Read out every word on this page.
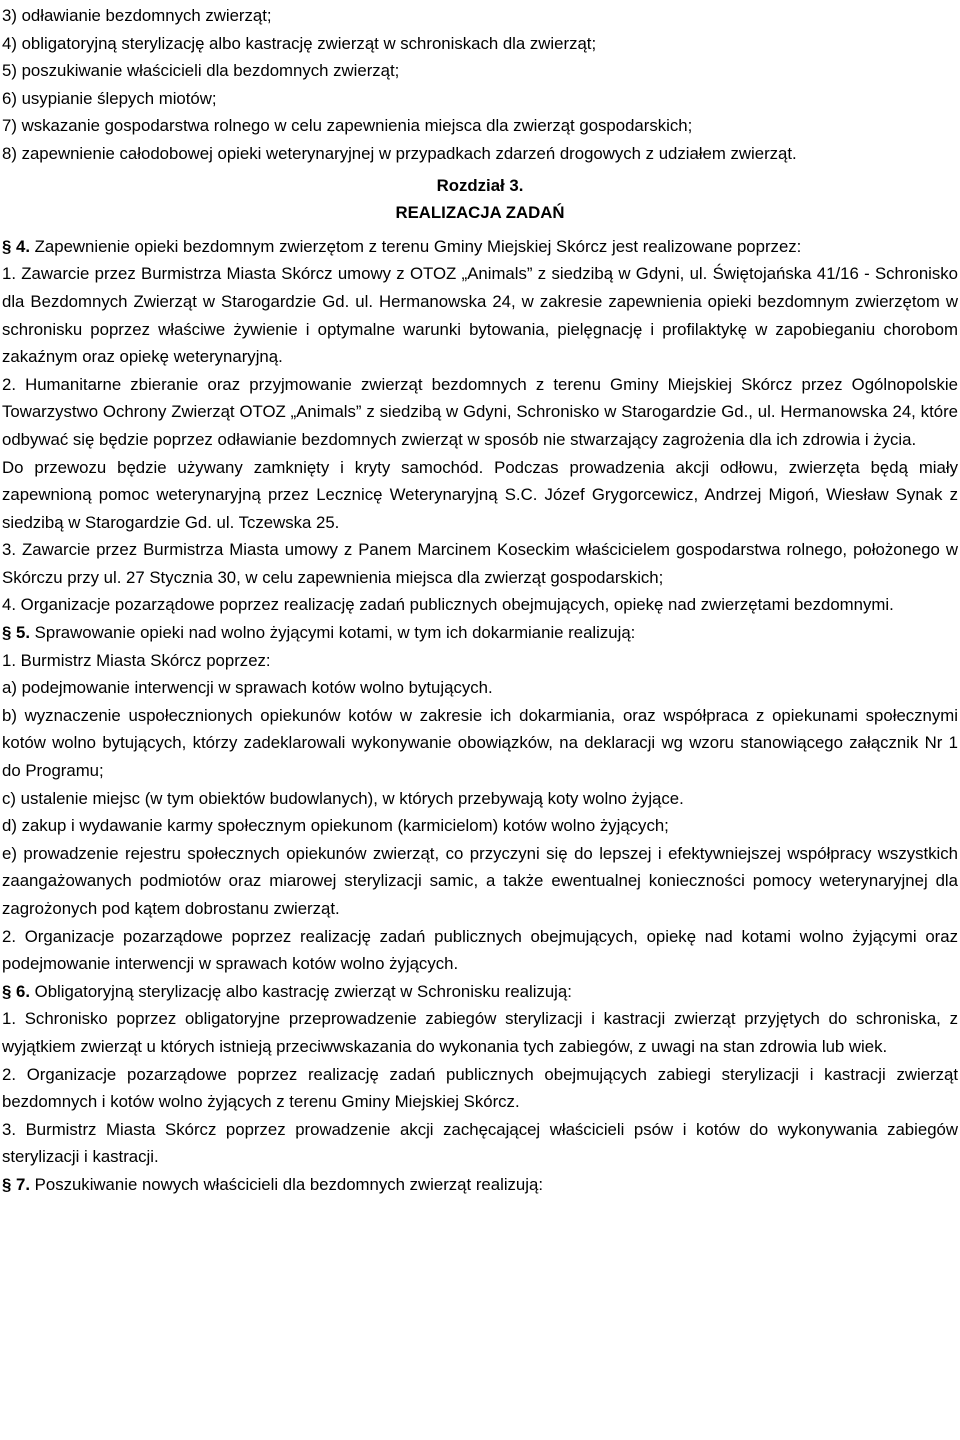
3) odławianie bezdomnych zwierząt;

4) obligatoryjną sterylizację albo kastrację zwierząt w schroniskach dla zwierząt;

5) poszukiwanie właścicieli dla bezdomnych zwierząt;

6) usypianie ślepych miotów;

7) wskazanie gospodarstwa rolnego w celu zapewnienia miejsca dla zwierząt gospodarskich;

8) zapewnienie całodobowej opieki weterynaryjnej w przypadkach zdarzeń drogowych z udziałem zwierząt.

Rozdział 3.

REALIZACJA ZADAŃ

§ 4. Zapewnienie opieki bezdomnym zwierzętom z terenu Gminy Miejskiej Skórcz jest realizowane poprzez:

1. Zawarcie przez Burmistrza Miasta Skórcz umowy z OTOZ „Animals” z siedzibą w Gdyni, ul. Świętojańska 41/16 - Schronisko dla Bezdomnych Zwierząt w Starogardzie Gd. ul. Hermanowska 24, w zakresie zapewnienia opieki bezdomnym zwierzętom w schronisku poprzez właściwe żywienie i optymalne warunki bytowania, pielęgnację i profilaktykę w zapobieganiu chorobom zakaźnym oraz opiekę weterynaryjną.

2. Humanitarne zbieranie oraz przyjmowanie zwierząt bezdomnych z terenu Gminy Miejskiej Skórcz przez Ogólnopolskie Towarzystwo Ochrony Zwierząt OTOZ „Animals” z siedzibą w Gdyni, Schronisko w Starogardzie Gd., ul. Hermanowska 24, które odbywać się będzie poprzez odławianie bezdomnych zwierząt w sposób nie stwarzający zagrożenia dla ich zdrowia i życia.

Do przewozu będzie używany zamknięty i kryty samochód. Podczas prowadzenia akcji odłowu, zwierzęta będą miały zapewnioną pomoc weterynaryjną przez Lecznicę Weterynaryjną S.C. Józef Grygorcewicz, Andrzej Migoń, Wiesław Synak z siedzibą w Starogardzie Gd. ul. Tczewska 25.

3. Zawarcie przez Burmistrza Miasta umowy z Panem Marcinem Koseckim właścicielem gospodarstwa rolnego, położonego w Skórczu przy ul. 27 Stycznia 30, w celu zapewnienia miejsca dla zwierząt gospodarskich;

4. Organizacje pozarządowe poprzez realizację zadań publicznych obejmujących, opiekę nad zwierzętami bezdomnymi.

§ 5. Sprawowanie opieki nad wolno żyjącymi kotami, w tym ich dokarmianie realizują:

1. Burmistrz Miasta Skórcz poprzez:

a) podejmowanie interwencji w sprawach kotów wolno bytujących.

b) wyznaczenie uspołecznionych opiekunów kotów w zakresie ich dokarmiania, oraz współpraca z opiekunami społecznymi kotów wolno bytujących, którzy zadeklarowali wykonywanie obowiązków, na deklaracji wg wzoru stanowiącego załącznik Nr 1 do Programu;

c) ustalenie miejsc (w tym obiektów budowlanych), w których przebywają koty wolno żyjące.

d) zakup i wydawanie karmy społecznym opiekunom (karmicielom) kotów wolno żyjących;

e) prowadzenie rejestru społecznych opiekunów zwierząt, co przyczyni się do lepszej i efektywniejszej współpracy wszystkich zaangażowanych podmiotów oraz miarowej sterylizacji samic, a także ewentualnej konieczności pomocy weterynaryjnej dla zagrożonych pod kątem dobrostanu zwierząt.

2. Organizacje pozarządowe poprzez realizację zadań publicznych obejmujących, opiekę nad kotami wolno żyjącymi oraz podejmowanie interwencji w sprawach kotów wolno żyjących.

§ 6. Obligatoryjną sterylizację albo kastrację zwierząt w Schronisku realizują:

1. Schronisko poprzez obligatoryjne przeprowadzenie zabiegów sterylizacji i kastracji zwierząt przyjętych do schroniska, z wyjątkiem zwierząt u których istnieją przeciwwskazania do wykonania tych zabiegów, z uwagi na stan zdrowia lub wiek.

2. Organizacje pozarządowe poprzez realizację zadań publicznych obejmujących zabiegi sterylizacji i kastracji zwierząt bezdomnych i kotów wolno żyjących z terenu Gminy Miejskiej Skórcz.

3. Burmistrz Miasta Skórcz poprzez prowadzenie akcji zachęcającej właścicieli psów i kotów do wykonywania zabiegów sterylizacji i kastracji.

§ 7. Poszukiwanie nowych właścicieli dla bezdomnych zwierząt realizują:
